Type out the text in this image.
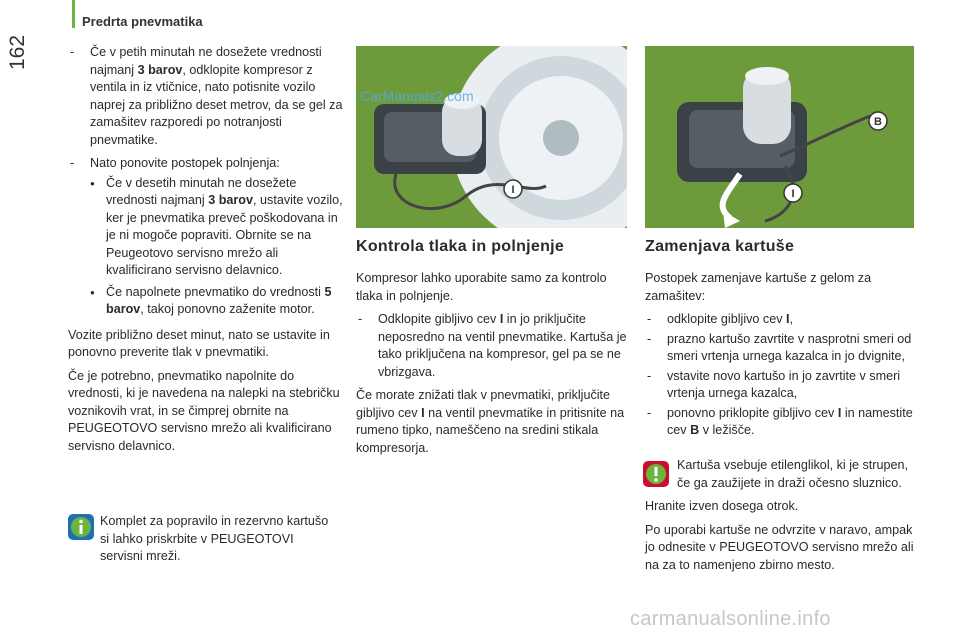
Predrta pnevmatika
162
-	Če v petih minutah ne dosežete vrednosti najmanj 3 barov, odklopite kompresor z ventila in iz vtičnice, nato potisnite vozilo naprej za približno deset metrov, da se gel za zamašitev razporedi po notranjosti pnevmatike.
- Nato ponovite postopek polnjenja:
● Če v desetih minutah ne dosežete vrednosti najmanj 3 barov, ustavite vozilo, ker je pnevmatika preveč poškodovana in je ni mogoče popraviti. Obrnite se na Peugeotovo servisno mrežo ali kvalificirano servisno delavnico.
● Če napolnete pnevmatiko do vrednosti 5 barov, takoj ponovno zaženite motor.

Vozite približno deset minut, nato se ustavite in ponovno preverite tlak v pnevmatiki.

Če je potrebno, pnevmatiko napolnite do vrednosti, ki je navedena na nalepki na stebričku voznikovih vrat, in se čimprej obrnite na PEUGEOTOVO servisno mrežo ali kvalificirano servisno delavnico.

Komplet za popravilo in rezervno kartušo si lahko priskrbite v PEUGEOTOVI servisni mreži.
I
CarManuals2.com
Kontrola tlaka in polnjenje

Kompresor lahko uporabite samo za kontrolo tlaka in polnjenje.

- Odklopite gibljivo cev I in jo priključite neposredno na ventil pnevmatike. Kartuša je tako priključena na kompresor, gel pa se ne vbrizgava.

Če morate znižati tlak v pnevmatiki, priključite gibljivo cev I na ventil pnevmatike in pritisnite na rumeno tipko, nameščeno na sredini stikala kompresorja.

B
I
Zamenjava kartuše

Postopek zamenjave kartuše z gelom za zamašitev:

- odklopite gibljivo cev I,
- prazno kartušo zavrtite v nasprotni smeri od smeri vrtenja urnega kazalca in jo dvignite,
- vstavite novo kartušo in jo zavrtite v smeri vrtenja urnega kazalca,
- ponovno priklopite gibljivo cev I in namestite cev B v ležišče.

Kartuša vsebuje etilenglikol, ki je strupen, če ga zaužijete in draži očesno sluznico.

Hranite izven dosega otrok.

Po uporabi kartuše ne odvrzite v naravo, ampak jo odnesite v PEUGEOTOVO servisno mrežo ali na za to namenjeno zbirno mesto.

carmanualsonline.info
